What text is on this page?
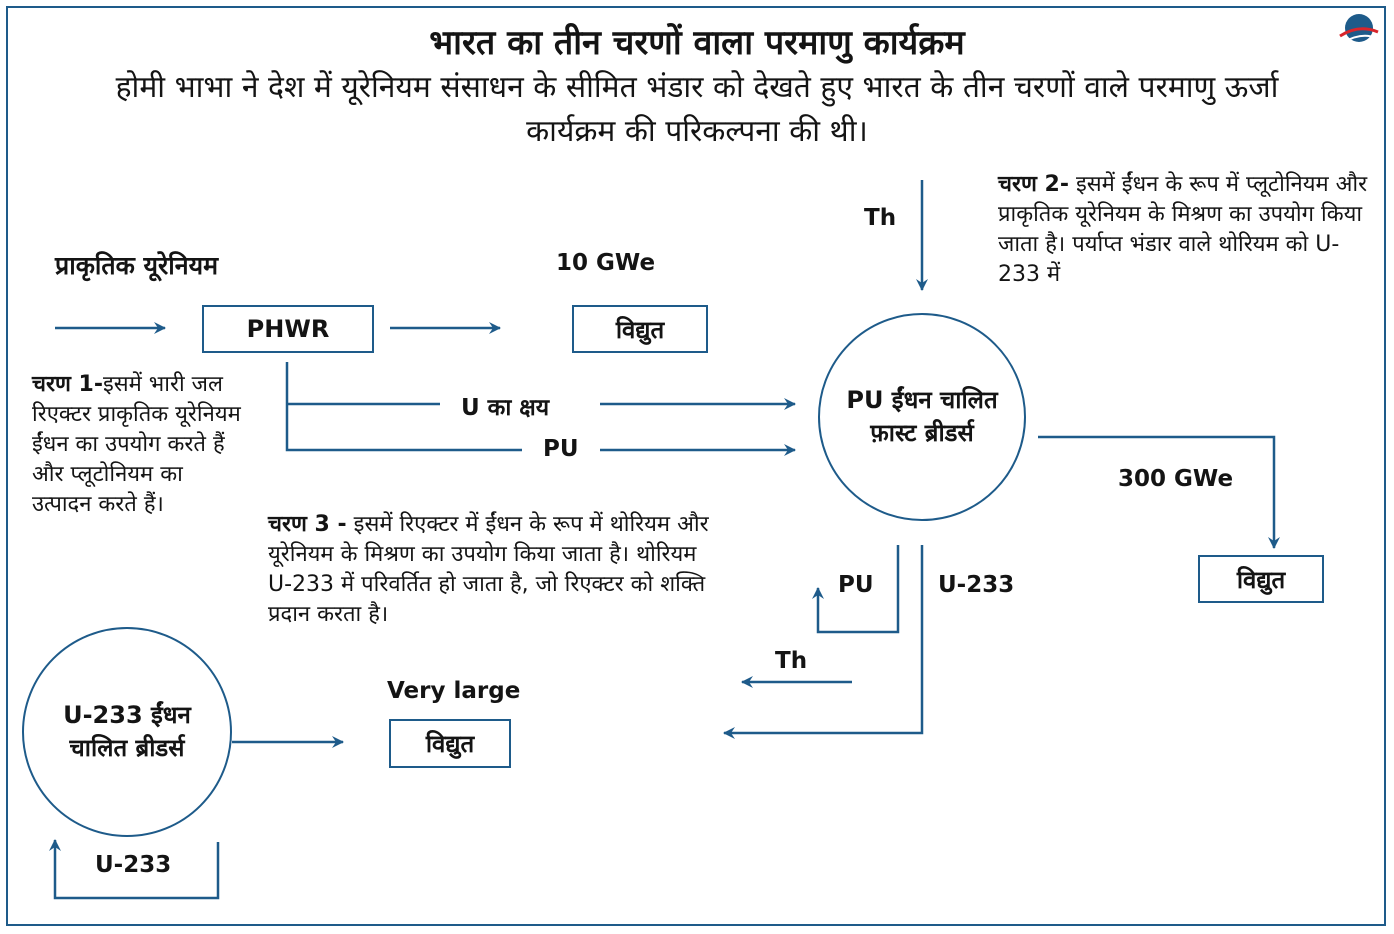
भारत का तीन चरणों वाला परमाणु कार्यक्रम
होमी भाभा ने देश में यूरेनियम संसाधन के सीमित भंडार को देखते हुए भारत के तीन चरणों वाले परमाणु ऊर्जा कार्यक्रम की परिकल्पना की थी।
प्राकृतिक यूरेनियम
PHWR
10 GWe
विद्युत
U का क्षय
PU
चरण 1-इसमें भारी जल रिएक्टर प्राकृतिक यूरेनियम ईंधन का उपयोग करते हैं और प्लूटोनियम का उत्पादन करते हैं।
Th
PU ईंधन चालित फ़ास्ट ब्रीडर्स
चरण 2- इसमें ईंधन के रूप में प्लूटोनियम और प्राकृतिक यूरेनियम के मिश्रण का उपयोग किया जाता है। पर्याप्त भंडार वाले थोरियम को U-233 में
300 GWe
विद्युत
PU	U-233
Th
चरण 3 - इसमें रिएक्टर में ईंधन के रूप में थोरियम और यूरेनियम के मिश्रण का उपयोग किया जाता है। थोरियम U-233 में परिवर्तित हो जाता है, जो रिएक्टर को शक्ति प्रदान करता है।
U-233 ईंधन चालित ब्रीडर्स
Very large
विद्युत
U-233
